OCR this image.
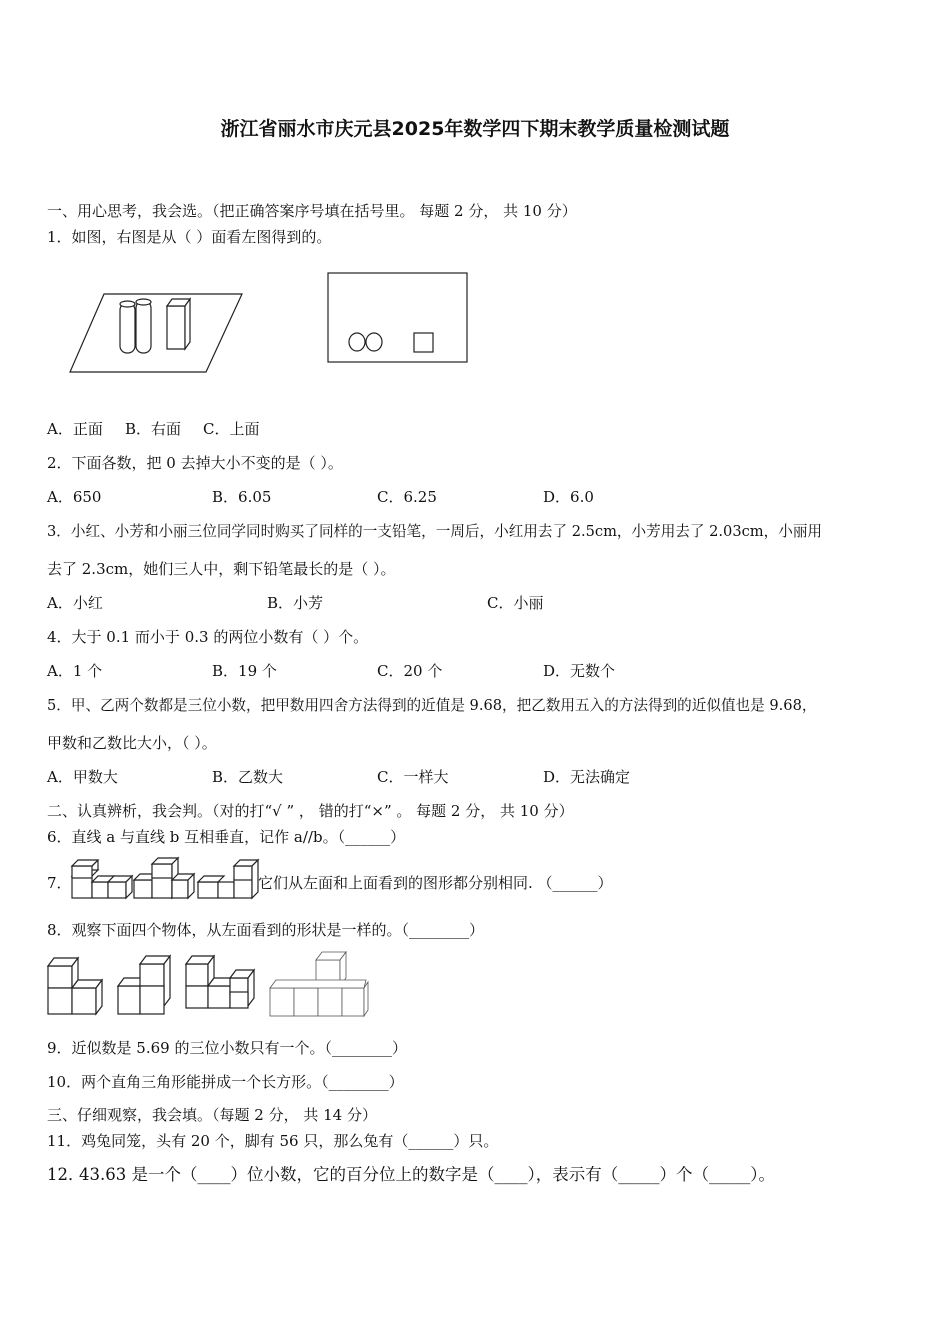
浙江省丽水市庆元县2025年数学四下期末教学质量检测试题
一、用心思考，我会选。（把正确答案序号填在括号里。 每题 2 分， 共 10 分）
1．如图，右图是从（ ）面看左图得到的。
A．正面 B．右面 C．上面
2．下面各数，把 0 去掉大小不变的是（ ）。
A．650	B．6.05	C．6.25	D．6.0
3．小红、小芳和小丽三位同学同时购买了同样的一支铅笔，一周后，小红用去了 2.5cm，小芳用去了 2.03cm，小丽用
去了 2.3cm，她们三人中，剩下铅笔最长的是（ ）。
A．小红	B．小芳	C．小丽
4．大于 0.1 而小于 0.3 的两位小数有（ ）个。
A．1 个	B．19 个	C．20 个	D．无数个
5．甲、乙两个数都是三位小数，把甲数用四舍方法得到的近值是 9.68，把乙数用五入的方法得到的近似值也是 9.68，
甲数和乙数比大小，（ ）。
A．甲数大	B．乙数大	C．一样大	D．无法确定
二、认真辨析，我会判。（对的打“√ ” ， 错的打“×” 。 每题 2 分， 共 10 分）
6．直线 a 与直线 b 互相垂直，记作 a//b。（______）
7．	它们从左面和上面看到的图形都分别相同. （______）
8．观察下面四个物体，从左面看到的形状是一样的。（________）
9．近似数是 5.69 的三位小数只有一个。（________）
10．两个直角三角形能拼成一个长方形。（________）
三、仔细观察，我会填。（每题 2 分， 共 14 分）
11．鸡兔同笼，头有 20 个，脚有 56 只，那么兔有（______）只。
12．
43.63 是一个（____）位小数，它的百分位上的数字是（____），表示有（_____）个（_____）。
